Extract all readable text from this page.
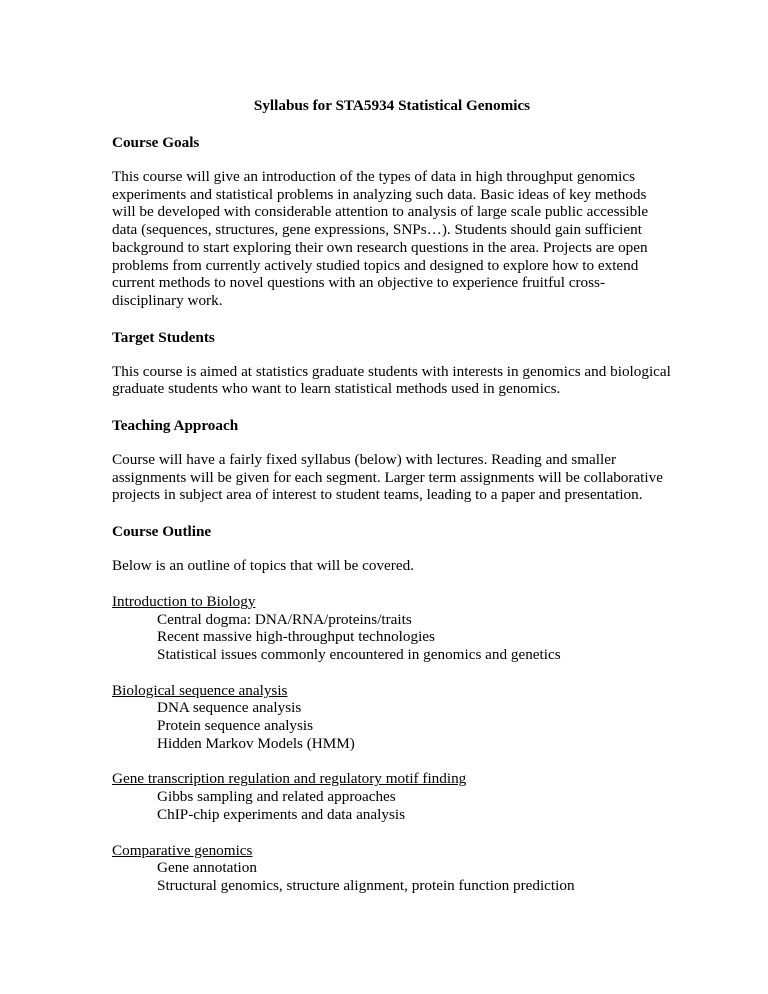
Syllabus for STA5934 Statistical Genomics
Course Goals
This course will give an introduction of the types of data in high throughput genomics experiments and statistical problems in analyzing such data. Basic ideas of key methods will be developed with considerable attention to analysis of large scale public accessible data (sequences, structures, gene expressions, SNPs…). Students should gain sufficient background to start exploring their own research questions in the area. Projects are open problems from currently actively studied topics and designed to explore how to extend current methods to novel questions with an objective to experience fruitful cross-disciplinary work.
Target Students
This course is aimed at statistics graduate students with interests in genomics and biological graduate students who want to learn statistical methods used in genomics.
Teaching Approach
Course will have a fairly fixed syllabus (below) with lectures. Reading and smaller assignments will be given for each segment. Larger term assignments will be collaborative projects in subject area of interest to student teams, leading to a paper and presentation.
Course Outline
Below is an outline of topics that will be covered.
Introduction to Biology
Central dogma: DNA/RNA/proteins/traits
Recent massive high-throughput technologies
Statistical issues commonly encountered in genomics and genetics
Biological sequence analysis
DNA sequence analysis
Protein sequence analysis
Hidden Markov Models (HMM)
Gene transcription regulation and regulatory motif finding
Gibbs sampling and related approaches
ChIP-chip experiments and data analysis
Comparative genomics
Gene annotation
Structural genomics, structure alignment, protein function prediction
